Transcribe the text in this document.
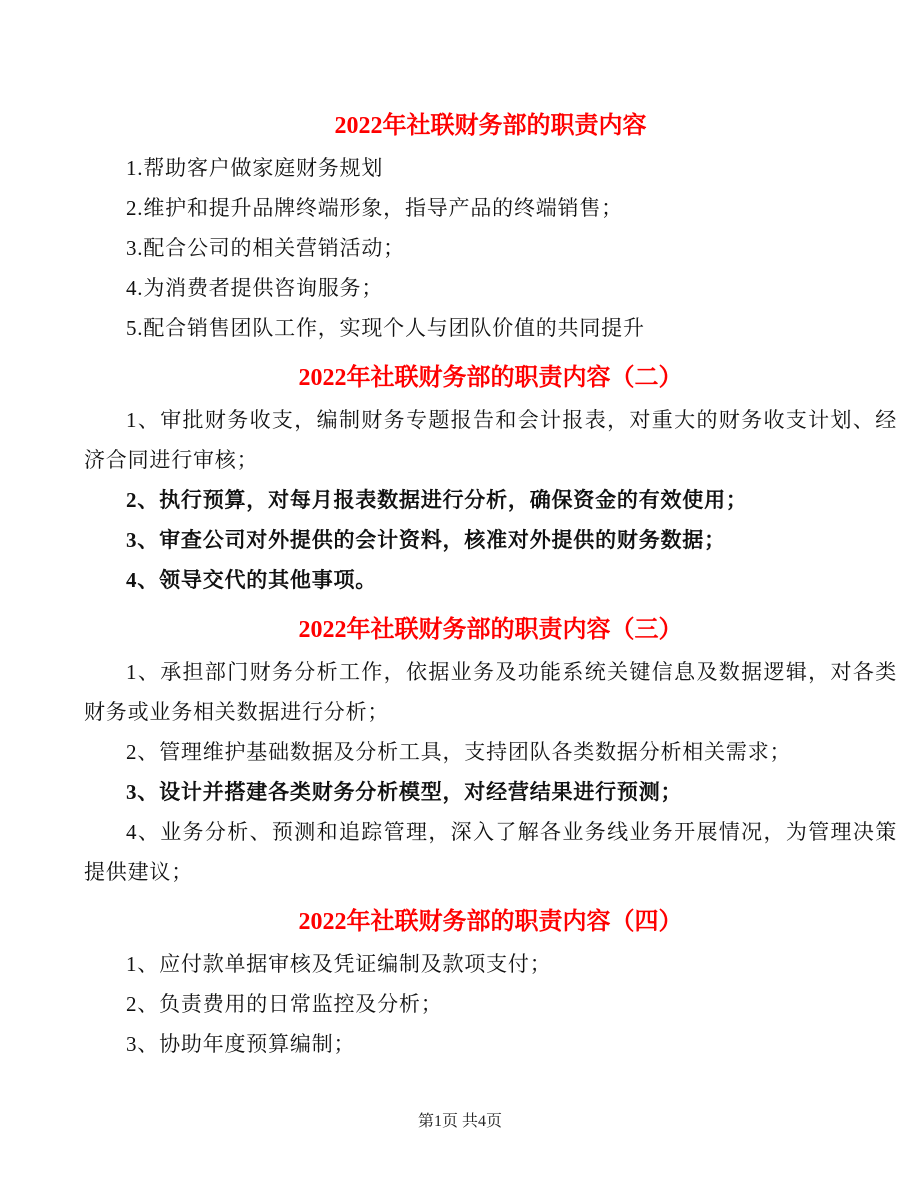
2022年社联财务部的职责内容

1.帮助客户做家庭财务规划

2.维护和提升品牌终端形象，指导产品的终端销售；

3.配合公司的相关营销活动；

4.为消费者提供咨询服务；

5.配合销售团队工作，实现个人与团队价值的共同提升

2022年社联财务部的职责内容（二）

1、审批财务收支，编制财务专题报告和会计报表，对重大的财务收支计划、经济合同进行审核；

2、执行预算，对每月报表数据进行分析，确保资金的有效使用；

3、审查公司对外提供的会计资料，核准对外提供的财务数据；

4、领导交代的其他事项。

2022年社联财务部的职责内容（三）

1、承担部门财务分析工作，依据业务及功能系统关键信息及数据逻辑，对各类财务或业务相关数据进行分析；

2、管理维护基础数据及分析工具，支持团队各类数据分析相关需求；

3、设计并搭建各类财务分析模型，对经营结果进行预测；

4、业务分析、预测和追踪管理，深入了解各业务线业务开展情况，为管理决策提供建议；

2022年社联财务部的职责内容（四）

1、应付款单据审核及凭证编制及款项支付；

2、负责费用的日常监控及分析；

3、协助年度预算编制；

第1页 共4页
